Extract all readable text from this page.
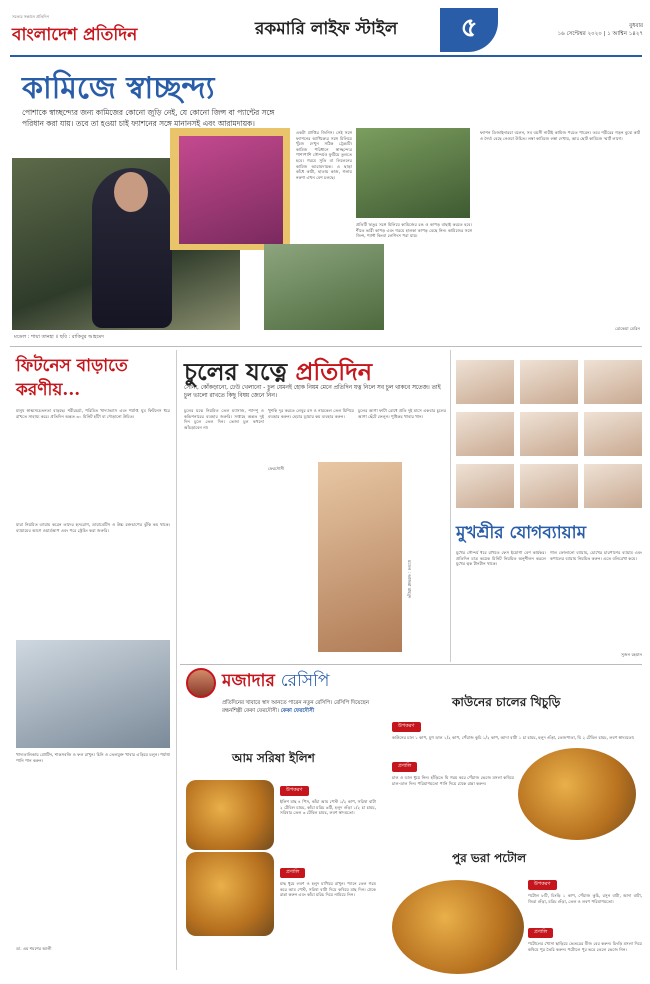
সত্যের সন্ধানে প্রতিদিন
বাংলাদেশ প্রতিদিন	রকমারি লাইফ স্টাইল	৫	বুধবার
১৬ সেপ্টেম্বর ২০২০ | ১ আশ্বিন ১৪২৭
কামিজে স্বাচ্ছন্দ্য
পোশাকে স্বাচ্ছন্দ্যের জন্য কামিজের কোনো জুড়ি নেই, যে কোনো জিন্স বা প্যান্টের সঙ্গে পরিধান করা যায়। তবে তা হওয়া চাই ফ্যাশনের সঙ্গে মানানসই এবং আরামদায়ক।
মডেল : শায়া তানহা ॥ ছবি : রাকিবুর আহমেদ
একটা প্রাপ্তির জিনিস। সেই সঙ্গে ফ্যাশনের আধিক্যের সঙ্গে মিলিয়ে খুঁজে দেখুন সঠিক ট্রেন্ডটি। কামিজ পরিধানে স্বাচ্ছন্দ্যের পাশাপাশি সৌন্দর্যও ফুটিয়ে তুলতে হবে। গরমে সুতি বা লিলেনের কামিজ আরামদায়ক। এ ছাড়া কাঁধে কাটা, হাতায় কাজ, গলায় নকশা এখন বেশ চলছে।
প্রতিটি ঋতুর সঙ্গে মিলিয়ে কামিজের রঙ ও কাপড় বাছাই করতে হবে। শীতে ভারী কাপড় এবং গরমে হালকা কাপড় বেছে নিন। কামিজের সঙ্গে জিন্স, প্যান্ট কিংবা লেগিংস পরা যায়।
ফ্যাশন ডিজাইনাররা বলেন, সব বয়সী নারীই কামিজ পরতে পারেন। তবে শরীরের গড়ন বুঝে কাট ও দৈর্ঘ্য বেছে নেওয়া উচিত। লম্বা কামিজে লম্বা দেখায়, আর ছোট কামিজে স্মার্ট লাগে।
রোকেয়া মেরিন
ফিটনেস বাড়াতে করণীয়...
মানুষ স্বাস্থ্যসচেতনতা বাড়ছে। শরীরচর্চা, পরিমিত খাদ্যাভ্যাস এবং পর্যাপ্ত ঘুম ফিটনেস ধরে রাখতে সাহায্য করে। প্রতিদিন অন্তত ৩০ মিনিট হাঁটা বা দৌড়ানো উচিত।
যারা নিয়মিত ব্যায়াম করেন তাদের হৃদরোগ, ডায়াবেটিস ও উচ্চ রক্তচাপের ঝুঁকি কম থাকে। ব্যায়ামের আগে ওয়ার্মআপ এবং পরে স্ট্রেচিং করা জরুরি।
খাদ্যতালিকায় প্রোটিন, শাকসবজি ও ফল রাখুন। চিনি ও তেলযুক্ত খাবার এড়িয়ে চলুন। পর্যাপ্ত পানি পান করুন।
ডা. এম শমশের আলী
চুলের যত্নে প্রতিদিন
সোনা, কোঁকড়ানো, ঢেউ খেলানো - চুল যেমনই হোক নিয়ম মেনে প্রতিদিন যত্ন নিলে সব চুল থাকবে সতেজ। তাই চুল ভালো রাখতে কিছু বিষয় জেনে নিন।
চুলের যত্নে নিয়মিত তেল ম্যাসাজ, শ্যাম্পু ও কন্ডিশনারের ব্যবহার জরুরি। সপ্তাহে অন্তত দুই দিন চুলে তেল দিন। ভেজা চুল কখনো আঁচড়াবেন না।
খুশকি দূর করতে লেবুর রস ও নারকেল তেল মিশিয়ে ব্যবহার করুন। হেয়ার ড্রায়ার কম ব্যবহার করুন।
চুলের আগা ফাটা রোধে প্রতি দুই মাসে একবার চুলের আগা ছেঁটে ফেলুন। পুষ্টিকর খাবার খান।
মডেল : আজরা মাহমুদ
ফেরদৌসী
মুখশ্রীর যোগব্যায়াম
মুখের সৌন্দর্য ধরে রাখতে ফেস ইয়োগা বেশ কার্যকর। প্রতিদিন মাত্র কয়েক মিনিট নিয়মিত অনুশীলন করলে মুখের ত্বক টানটান থাকে।
গাল ফোলানো ব্যায়াম, চোখের চারপাশের ব্যায়াম এবং কপালের ব্যায়াম নিয়মিত করুন। এতে বলিরেখা কমে।
সুজন রহমান
মজাদার রেসিপি
প্রতিদিনের খাবারে স্বাদ আনতে পারেন নতুন রেসিপি। রেসিপি দিয়েছেন রন্ধনশিল্পী কেকা ফেরদৌসী। কেকা ফেরদৌসী
আম সরিষা ইলিশ
উপকরণ
ইলিশ মাছ ৪ পিস, কাঁচা আম পেস্ট ১/২ কাপ, সরিষা বাটা ২ টেবিল চামচ, কাঁচা মরিচ ৬টি, হলুদ গুঁড়া ১/২ চা চামচ, সরিষার তেল ৩ টেবিল চামচ, লবণ স্বাদমতো।
প্রণালি
মাছ ধুয়ে লবণ ও হলুদ মাখিয়ে রাখুন। প্যানে তেল গরম করে আম পেস্ট, সরিষা বাটা দিয়ে কষিয়ে মাছ দিন। ঢেকে রান্না করুন এবং কাঁচা মরিচ দিয়ে নামিয়ে নিন।
কাউনের চালের খিচুড়ি
উপকরণ
কাউনের চাল ১ কাপ, মুগ ডাল ১/২ কাপ, পেঁয়াজ কুচি ১/২ কাপ, আদা বাটা ১ চা চামচ, হলুদ গুঁড়া, তেজপাতা, ঘি ২ টেবিল চামচ, লবণ স্বাদমতো।
প্রণালি
চাল ও ডাল ধুয়ে নিন। হাঁড়িতে ঘি গরম করে পেঁয়াজ ভেজে মসলা কষিয়ে চাল-ডাল দিন। পরিমাণমতো পানি দিয়ে ঢেকে রান্না করুন।
পুর ভরা পটোল
উপকরণ
পটোল ৮টি, চিংড়ি ১ কাপ, পেঁয়াজ কুচি, রসুন বাটা, আদা বাটা, জিরা গুঁড়া, মরিচ গুঁড়া, তেল ও লবণ পরিমাণমতো।
প্রণালি
পটোলের খোসা ছাড়িয়ে ভেতরের বীজ বের করুন। চিংড়ি মসলা দিয়ে কষিয়ে পুর তৈরি করুন। পটোলে পুর ভরে তেলে ভেজে নিন।
